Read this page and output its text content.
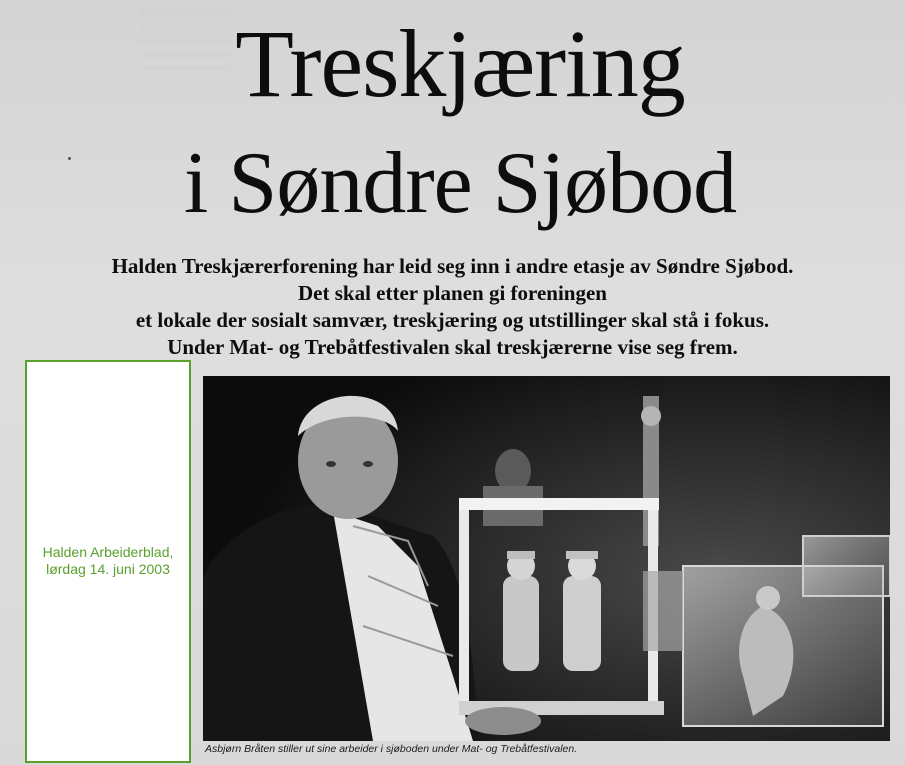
Treskjæring
i Søndre Sjøbod
Halden Treskjærerforening har leid seg inn i andre etasje av Søndre Sjøbod.
Det skal etter planen gi foreningen
et lokale der sosialt samvær, treskjæring og utstillinger skal stå i fokus.
Under Mat- og Trebåtfestivalen skal treskjærerne vise seg frem.
Halden Arbeiderblad,
lørdag 14. juni 2003
Asbjørn Bråten stiller ut sine arbeider i sjøboden under Mat- og Trebåtfestivalen.
